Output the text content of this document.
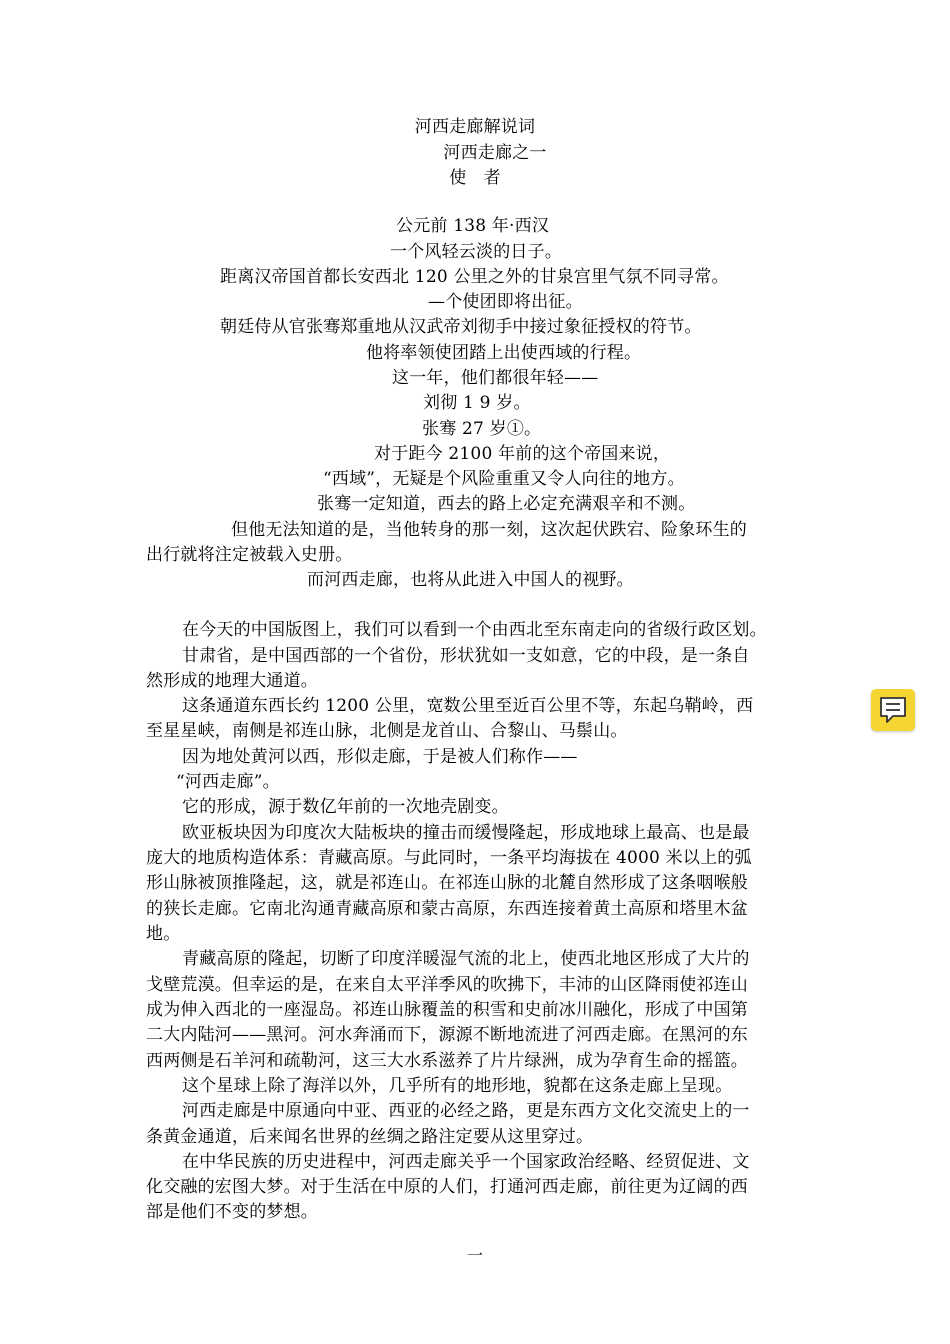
河西走廊解说词
河西走廊之一
使　者
公元前 138 年·西汉
一个风轻云淡的日子。
距离汉帝国首都长安西北 120 公里之外的甘泉宫里气氛不同寻常。
—个使团即将出征。
朝廷侍从官张骞郑重地从汉武帝刘彻手中接过象征授权的符节。
他将率领使团踏上出使西域的行程。
这一年，他们都很年轻——
刘彻 1 9 岁。
张骞 27 岁①。
对于距今 2100 年前的这个帝国来说，
“西域”，无疑是个风险重重又令人向往的地方。
张骞一定知道，西去的路上必定充满艰辛和不测。
但他无法知道的是，当他转身的那一刻，这次起伏跌宕、险象环生的
出行就将注定被载入史册。
而河西走廊，也将从此进入中国人的视野。
在今天的中国版图上，我们可以看到一个由西北至东南走向的省级行政区划。
甘肃省，是中国西部的一个省份，形状犹如一支如意，它的中段，是一条自
然形成的地理大通道。
这条通道东西长约 1200 公里，宽数公里至近百公里不等，东起乌鞘岭，西
至星星峡，南侧是祁连山脉，北侧是龙首山、合黎山、马鬃山。
因为地处黄河以西，形似走廊，于是被人们称作——
“河西走廊”。
它的形成，源于数亿年前的一次地壳剧变。
欧亚板块因为印度次大陆板块的撞击而缓慢隆起，形成地球上最高、也是最
庞大的地质构造体系：青藏高原。与此同时，一条平均海拔在 4000 米以上的弧
形山脉被顶推隆起，这，就是祁连山。在祁连山脉的北麓自然形成了这条咽喉般
的狭长走廊。它南北沟通青藏高原和蒙古高原，东西连接着黄土高原和塔里木盆
地。
青藏高原的隆起，切断了印度洋暖湿气流的北上，使西北地区形成了大片的
戈壁荒漠。但幸运的是，在来自太平洋季风的吹拂下，丰沛的山区降雨使祁连山
成为伸入西北的一座湿岛。祁连山脉覆盖的积雪和史前冰川融化，形成了中国第
二大内陆河——黑河。河水奔涌而下，源源不断地流进了河西走廊。在黑河的东
西两侧是石羊河和疏勒河，这三大水系滋养了片片绿洲，成为孕育生命的摇篮。
这个星球上除了海洋以外，几乎所有的地形地，貌都在这条走廊上呈现。
河西走廊是中原通向中亚、西亚的必经之路，更是东西方文化交流史上的一
条黄金通道，后来闻名世界的丝绸之路注定要从这里穿过。
在中华民族的历史进程中，河西走廊关乎一个国家政治经略、经贸促进、文
化交融的宏图大梦。对于生活在中原的人们，打通河西走廊，前往更为辽阔的西
部是他们不变的梦想。
一
